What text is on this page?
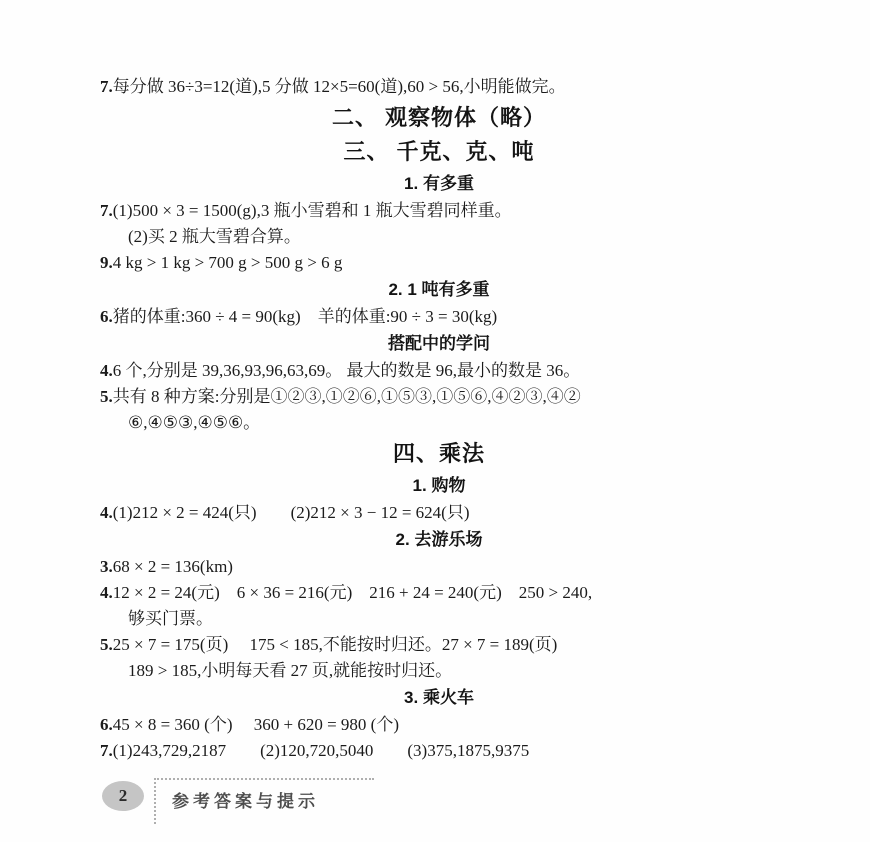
7.每分做 36÷3=12(道),5 分做 12×5=60(道),60 > 56,小明能做完。
二、 观察物体（略）
三、 千克、克、吨
1. 有多重
7.(1)500 × 3 = 1500(g),3 瓶小雪碧和 1 瓶大雪碧同样重。
(2)买 2 瓶大雪碧合算。
9.4 kg > 1 kg > 700 g > 500 g > 6 g
2. 1 吨有多重
6.猪的体重:360 ÷ 4 = 90(kg)　羊的体重:90 ÷ 3 = 30(kg)
搭配中的学问
4.6 个,分别是 39,36,93,96,63,69。 最大的数是 96,最小的数是 36。
5.共有 8 种方案:分别是①②③,①②⑥,①⑤③,①⑤⑥,④②③,④②
⑥,④⑤③,④⑤⑥。
四、乘法
1. 购物
4.(1)212 × 2 = 424(只)　　(2)212 × 3 − 12 = 624(只)
2. 去游乐场
3.68 × 2 = 136(km)
4.12 × 2 = 24(元)　6 × 36 = 216(元)　216 + 24 = 240(元)　250 > 240,
够买门票。
5.25 × 7 = 175(页)　 175 < 185,不能按时归还。27 × 7 = 189(页)
189 > 185,小明每天看 27 页,就能按时归还。
3. 乘火车
6.45 × 8 = 360 (个)　 360 + 620 = 980 (个)
7.(1)243,729,2187　　(2)120,720,5040　　(3)375,1875,9375
2	参考答案与提示
